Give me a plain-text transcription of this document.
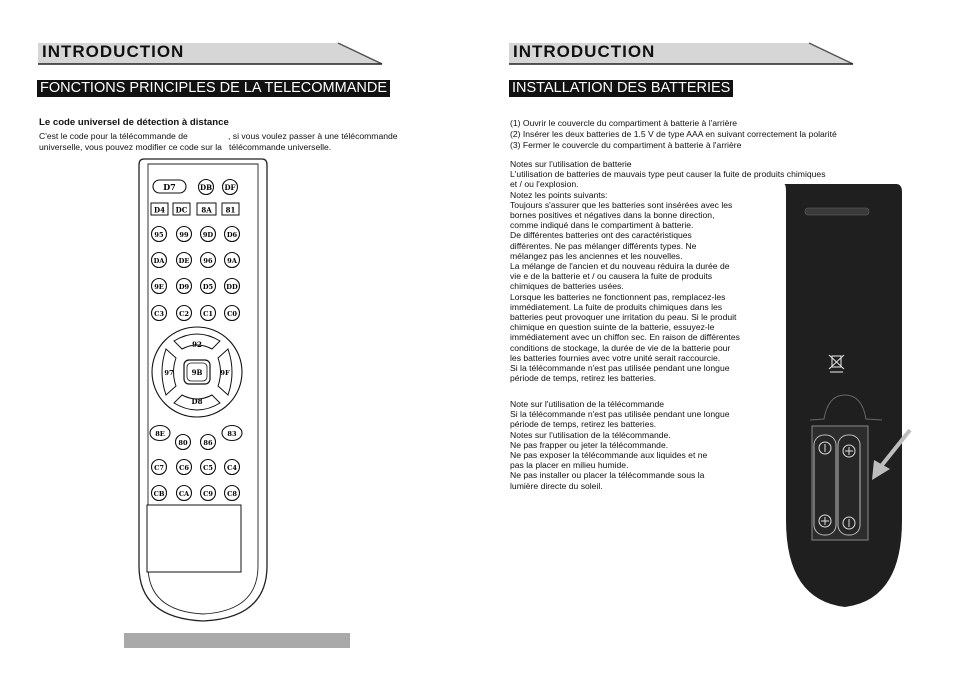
INTRODUCTION
FONCTIONS PRINCIPLES DE LA TELECOMMANDE
Le code universel de détection à distance
C'est le code pour la télécommande de	, si vous voulez passer à une télécommande
universelle, vous pouvez modifier ce code sur la télécommande universelle.
D7	DB DF
D4 DC 8A 81
95 99 9D D6
DA DE 96 9A
9E D9 D5 DD
C3 C2 C1 C0
92
D8
97	9F
9B
8E
80 86
83
C7 C6 C5 C4
CB CA C9 C8
INTRODUCTION
INSTALLATION DES BATTERIES
(1) Ouvrir le couvercle du compartiment à batterie à l'arrière
(2) Insérer les deux batteries de 1.5 V de type AAA en suivant correctement la polarité
(3) Fermer le couvercle du compartiment à batterie à l'arrière
Notes sur l'utilisation de batterie
L'utilisation de batteries de mauvais type peut causer la fuite de produits chimiques
et / ou l'explosion.
Notez les points suivants:
Toujours s'assurer que les batteries sont insérées avec les
bornes positives et négatives dans la bonne direction,
comme indiqué dans le compartiment à batterie.
De différentes batteries ont des caractéristiques
différentes. Ne pas mélanger différents types. Ne
mélangez pas les anciennes et les nouvelles.
La mélange de l'ancien et du nouveau réduira la durée de
vie e de la batterie et / ou causera la fuite de produits
chimiques de batteries usées.
Lorsque les batteries ne fonctionnent pas, remplacez-les
immédiatement. La fuite de produits chimiques dans les
batteries peut provoquer une irritation du peau. Si le produit
chimique en question suinte de la batterie, essuyez-le
immédiatement avec un chiffon sec. En raison de différentes
conditions de stockage, la durée de vie de la batterie pour
les batteries fournies avec votre unité serait raccourcie.
Si la télécommande n'est pas utilisée pendant une longue
période de temps, retirez les batteries.
Note sur l'utilisation de la télécommande
Si la télécommande n'est pas utilisée pendant une longue
période de temps, retirez les batteries.
Notes sur l'utilisation de la télécommande.
Ne pas frapper ou jeter la télécommande.
Ne pas exposer la télécommande aux liquides et ne
pas la placer en milieu humide.
Ne pas installer ou placer la télécommande sous la
lumière directe du soleil.
